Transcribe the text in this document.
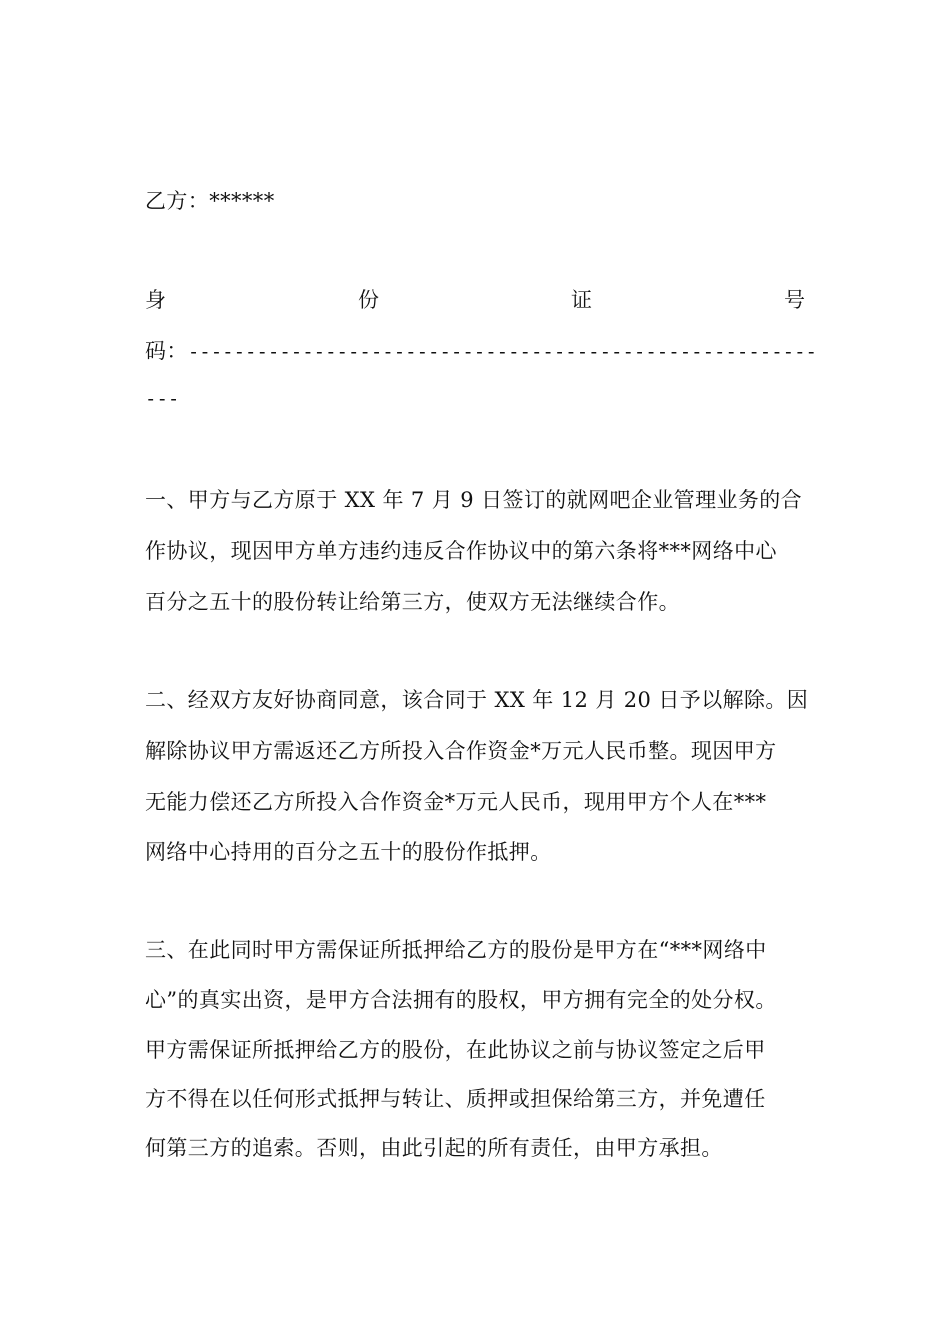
乙方：******
身	份	证	号
码：-------------------------------------------------------
---
一、甲方与乙方原于 XX 年 7 月 9 日签订的就网吧企业管理业务的合
作协议，现因甲方单方违约违反合作协议中的第六条将***网络中心
百分之五十的股份转让给第三方，使双方无法继续合作。
二、经双方友好协商同意，该合同于 XX 年 12 月 20 日予以解除。因
解除协议甲方需返还乙方所投入合作资金*万元人民币整。现因甲方
无能力偿还乙方所投入合作资金*万元人民币，现用甲方个人在***
网络中心持用的百分之五十的股份作抵押。
三、在此同时甲方需保证所抵押给乙方的股份是甲方在“***网络中
心”的真实出资，是甲方合法拥有的股权，甲方拥有完全的处分权。
甲方需保证所抵押给乙方的股份，在此协议之前与协议签定之后甲
方不得在以任何形式抵押与转让、质押或担保给第三方，并免遭任
何第三方的追索。否则，由此引起的所有责任，由甲方承担。
